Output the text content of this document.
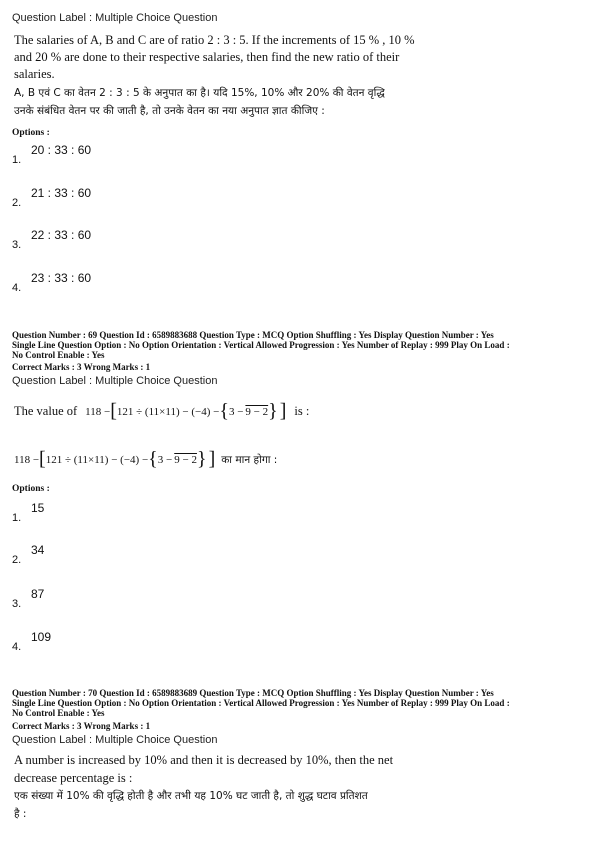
Question Label : Multiple Choice Question
The salaries of A, B and C are of ratio 2 : 3 : 5. If the increments of 15 % , 10 %
and 20 % are done to their respective salaries, then find the new ratio of their
salaries.
A, B एवं C का वेतन 2 : 3 : 5 के अनुपात का है। यदि 15%, 10% और 20% की वेतन वृद्धि
उनके संबंधित वेतन पर की जाती है, तो उनके वेतन का नया अनुपात ज्ञात कीजिए :
Options :
20 : 33 : 60
1.
21 : 33 : 60
2.
22 : 33 : 60
3.
23 : 33 : 60
4.
Question Number : 69 Question Id : 6589883688 Question Type : MCQ Option Shuffling : Yes Display Question Number : Yes
Single Line Question Option : No Option Orientation : Vertical Allowed Progression : Yes Number of Replay : 999 Play On Load :
No Control Enable : Yes
Correct Marks : 3 Wrong Marks : 1
Question Label : Multiple Choice Question
The value of 118 − [ 121 ÷ (11×11) − (−4) − { 3 − 9 − 2 } ] is :
118 − [ 121 ÷ (11×11) − (−4) − { 3 − 9 − 2 } ] का मान होगा :
Options :
15
1.
34
2.
87
3.
109
4.
Question Number : 70 Question Id : 6589883689 Question Type : MCQ Option Shuffling : Yes Display Question Number : Yes
Single Line Question Option : No Option Orientation : Vertical Allowed Progression : Yes Number of Replay : 999 Play On Load :
No Control Enable : Yes
Correct Marks : 3 Wrong Marks : 1
Question Label : Multiple Choice Question
A number is increased by 10% and then it is decreased by 10%, then the net
decrease percentage is :
एक संख्या में 10% की वृद्धि होती है और तभी यह 10% घट जाती है, तो शुद्ध घटाव प्रतिशत
है :
